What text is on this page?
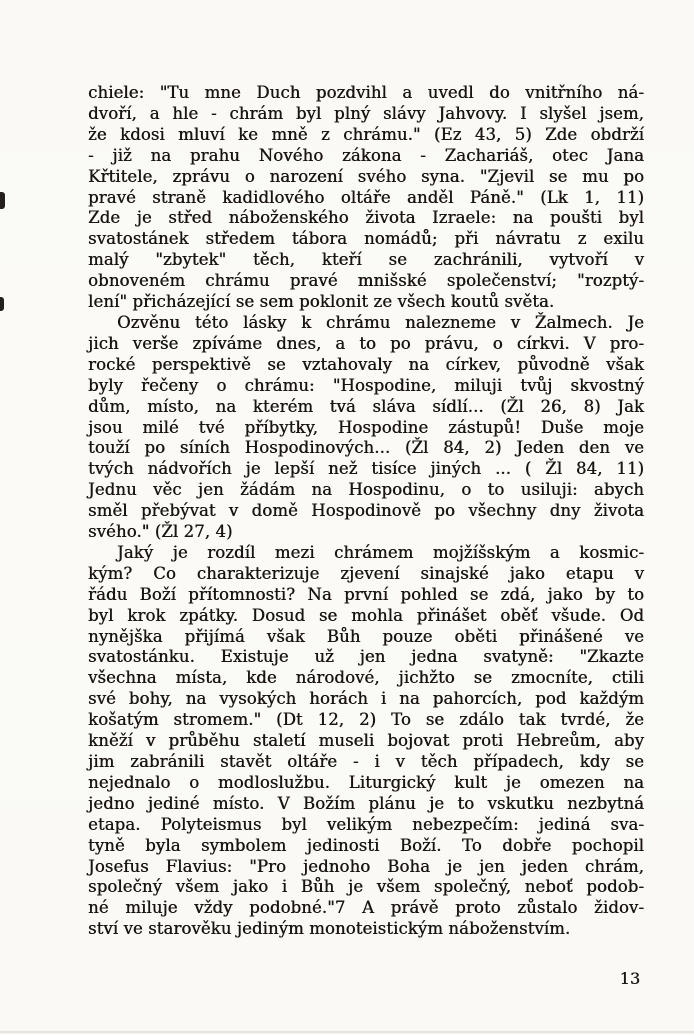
chiele: "Tu mne Duch pozdvihl a uvedl do vnitřního ná-
dvoří, a hle - chrám byl plný slávy Jahvovy. I slyšel jsem,
že kdosi mluví ke mně z chrámu." (Ez 43, 5) Zde obdrží
- již na prahu Nového zákona - Zachariáš, otec Jana
Křtitele, zprávu o narození svého syna. "Zjevil se mu po
pravé straně kadidlového oltáře anděl Páně." (Lk 1, 11)
Zde je střed náboženského života Izraele: na poušti byl
svatostánek středem tábora nomádů; při návratu z exilu
malý "zbytek" těch, kteří se zachránili, vytvoří v
obnoveném chrámu pravé mnišské společenství; "rozptý-
lení" přicházející se sem poklonit ze všech koutů světa.

Ozvěnu této lásky k chrámu nalezneme v Žalmech. Je
jich verše zpíváme dnes, a to po právu, o církvi. V pro-
rocké perspektivě se vztahovaly na církev, původně však
byly řečeny o chrámu: "Hospodine, miluji tvůj skvostný
dům, místo, na kterém tvá sláva sídlí... (Žl 26, 8) Jak
jsou milé tvé příbytky, Hospodine zástupů! Duše moje
touží po síních Hospodinových... (Žl 84, 2) Jeden den ve
tvých nádvořích je lepší než tisíce jiných ... ( Žl 84, 11)
Jednu věc jen žádám na Hospodinu, o to usiluji: abych
směl přebývat v domě Hospodinově po všechny dny života
svého." (Žl 27, 4)

Jaký je rozdíl mezi chrámem mojžíšským a kosmic-
kým? Co charakterizuje zjevení sinajské jako etapu v
řádu Boží přítomnosti? Na první pohled se zdá, jako by to
byl krok zpátky. Dosud se mohla přinášet oběť všude. Od
nynějška přijímá však Bůh pouze oběti přinášené ve
svatostánku. Existuje už jen jedna svatyně: "Zkazte
všechna místa, kde národové, jichžto se zmocníte, ctili
své bohy, na vysokých horách i na pahorcích, pod každým
košatým stromem." (Dt 12, 2) To se zdálo tak tvrdé, že
kněží v průběhu staletí museli bojovat proti Hebreům, aby
jim zabránili stavět oltáře - i v těch případech, kdy se
nejednalo o modloslužbu. Liturgický kult je omezen na
jedno jediné místo. V Božím plánu je to vskutku nezbytná
etapa. Polyteismus byl velikým nebezpečím: jediná sva-
tyně byla symbolem jedinosti Boží. To dobře pochopil
Josefus Flavius: "Pro jednoho Boha je jen jeden chrám,
společný všem jako i Bůh je všem společný, neboť podob-
né miluje vždy podobné."7 A právě proto zůstalo židov-
ství ve starověku jediným monoteistickým náboženstvím.

13
